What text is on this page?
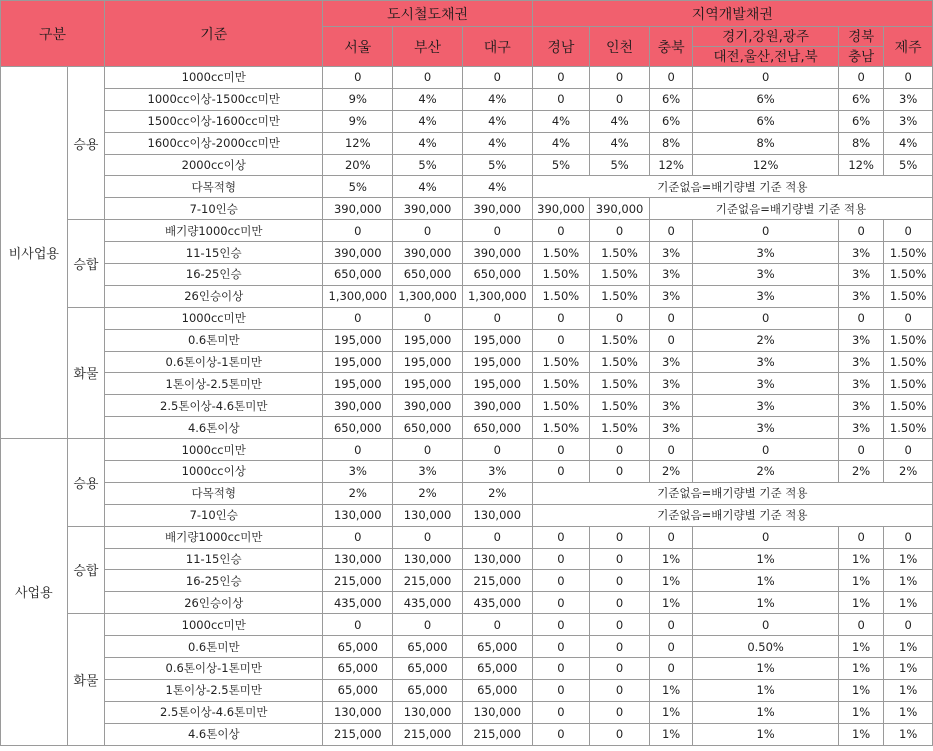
구분		기준	도시철도채권			지역개발채권					
			서울	부산	대구	경남	인천	충북	경기,강원,광주	경북	제주
									대전,울산,전남,북	충남	
비사업용	승용	1000cc미만	0	0	0	0	0	0	0	0	0
		1000cc이상-1500cc미만	9%	4%	4%	0	0	6%	6%	6%	3%
		1500cc이상-1600cc미만	9%	4%	4%	4%	4%	6%	6%	6%	3%
		1600cc이상-2000cc미만	12%	4%	4%	4%	4%	8%	8%	8%	4%
		2000cc이상	20%	5%	5%	5%	5%	12%	12%	12%	5%
		다목적형	5%	4%	4%	기준없음=배기량별 기준 적용					
		7-10인승	390,000	390,000	390,000	390,000	390,000	기준없음=배기량별 기준 적용			
	승합	배기량1000cc미만	0	0	0	0	0	0	0	0	0
		11-15인승	390,000	390,000	390,000	1.50%	1.50%	3%	3%	3%	1.50%
		16-25인승	650,000	650,000	650,000	1.50%	1.50%	3%	3%	3%	1.50%
		26인승이상	1,300,000	1,300,000	1,300,000	1.50%	1.50%	3%	3%	3%	1.50%
	화물	1000cc미만	0	0	0	0	0	0	0	0	0
		0.6톤미만	195,000	195,000	195,000	0	1.50%	0	2%	3%	1.50%
		0.6톤이상-1톤미만	195,000	195,000	195,000	1.50%	1.50%	3%	3%	3%	1.50%
		1톤이상-2.5톤미만	195,000	195,000	195,000	1.50%	1.50%	3%	3%	3%	1.50%
		2.5톤이상-4.6톤미만	390,000	390,000	390,000	1.50%	1.50%	3%	3%	3%	1.50%
		4.6톤이상	650,000	650,000	650,000	1.50%	1.50%	3%	3%	3%	1.50%
사업용	승용	1000cc미만	0	0	0	0	0	0	0	0	0
		1000cc이상	3%	3%	3%	0	0	2%	2%	2%	2%
		다목적형	2%	2%	2%	기준없음=배기량별 기준 적용					
		7-10인승	130,000	130,000	130,000	기준없음=배기량별 기준 적용					
	승합	배기량1000cc미만	0	0	0	0	0	0	0	0	0
		11-15인승	130,000	130,000	130,000	0	0	1%	1%	1%	1%
		16-25인승	215,000	215,000	215,000	0	0	1%	1%	1%	1%
		26인승이상	435,000	435,000	435,000	0	0	1%	1%	1%	1%
	화물	1000cc미만	0	0	0	0	0	0	0	0	0
		0.6톤미만	65,000	65,000	65,000	0	0	0	0.50%	1%	1%
		0.6톤이상-1톤미만	65,000	65,000	65,000	0	0	0	1%	1%	1%
		1톤이상-2.5톤미만	65,000	65,000	65,000	0	0	1%	1%	1%	1%
		2.5톤이상-4.6톤미만	130,000	130,000	130,000	0	0	1%	1%	1%	1%
		4.6톤이상	215,000	215,000	215,000	0	0	1%	1%	1%	1%
